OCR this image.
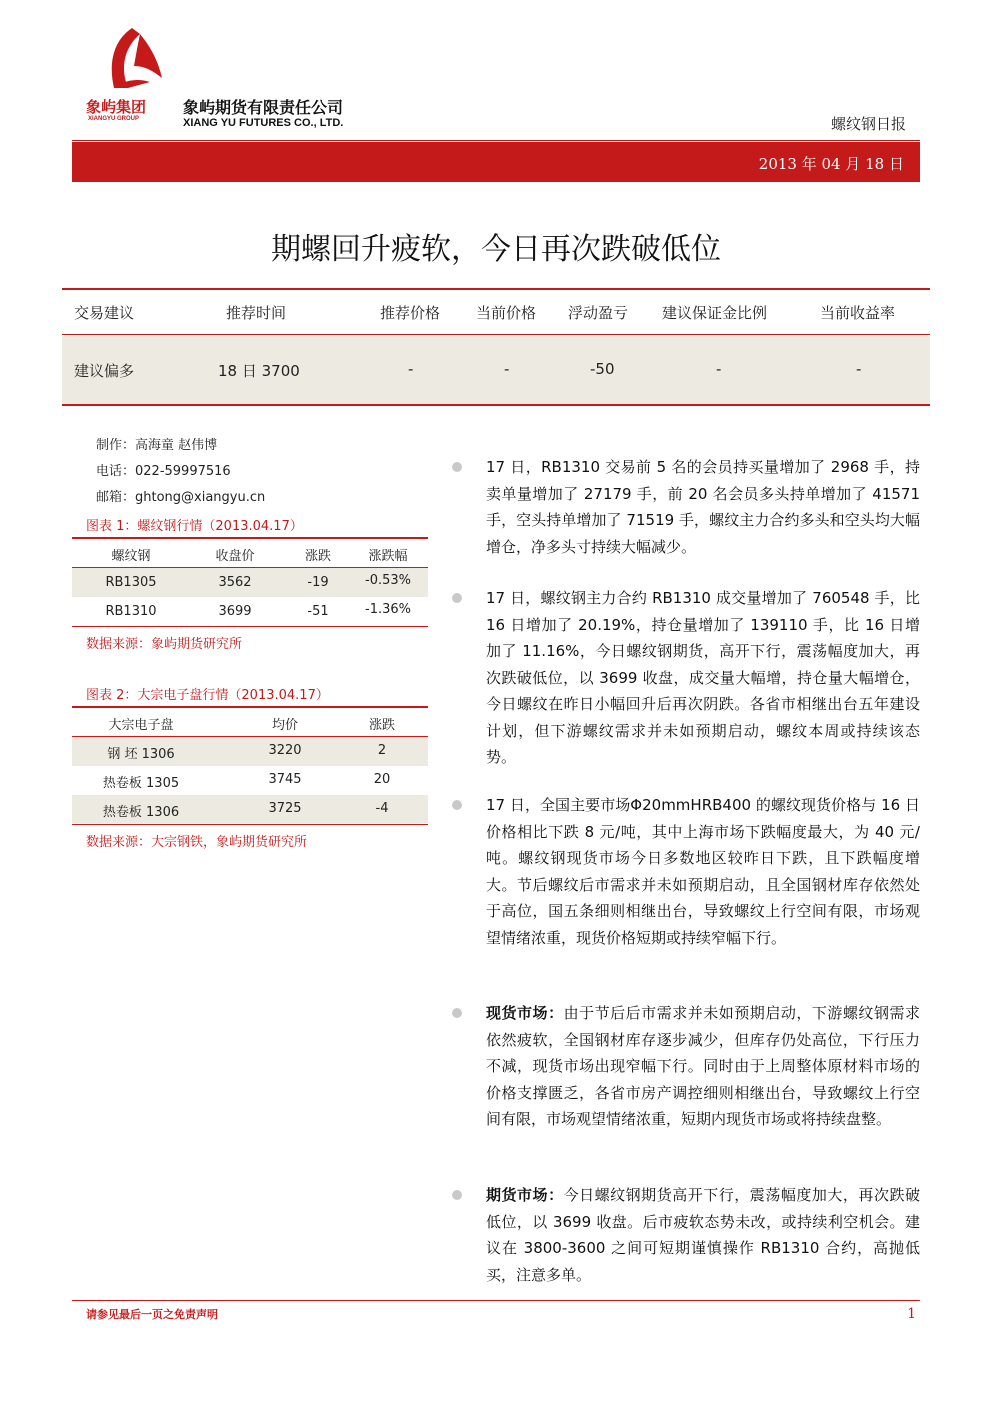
象屿集团
XIANGYU GROUP
象屿期货有限责任公司
XIANG YU FUTURES CO., LTD.	螺纹钢日报
2013 年 04 月 18 日
期螺回升疲软，今日再次跌破低位
交易建议	推荐时间	推荐价格 当前价格 浮动盈亏 建议保证金比例	当前收益率
建议偏多	18 日 3700	-	-	-50	-	-
制作：高海童 赵伟博
电话：022-59997516
邮箱：ghtong@xiangyu.cn
图表 1：螺纹钢行情（2013.04.17）
螺纹钢	收盘价	涨跌	涨跌幅
RB1305	3562	-19	-0.53%
RB1310	3699	-51	-1.36%
数据来源：象屿期货研究所
图表 2：大宗电子盘行情（2013.04.17）
大宗电子盘	均价	涨跌
钢 坯 1306	3220	2
热卷板 1305	3745	20
热卷板 1306	3725	-4
数据来源：大宗钢铁，象屿期货研究所
17 日，RB1310 交易前 5 名的会员持买量增加了 2968 手，持卖单量增加了 27179 手，前 20 名会员多头持单增加了 41571 手，空头持单增加了 71519 手，螺纹主力合约多头和空头均大幅增仓，净多头寸持续大幅减少。
17 日，螺纹钢主力合约 RB1310 成交量增加了 760548 手，比 16 日增加了 20.19%，持仓量增加了 139110 手，比 16 日增加了 11.16%，今日螺纹钢期货，高开下行，震荡幅度加大，再次跌破低位，以 3699 收盘，成交量大幅增，持仓量大幅增仓，今日螺纹在昨日小幅回升后再次阴跌。各省市相继出台五年建设计划，但下游螺纹需求并未如预期启动，螺纹本周或持续该态势。
17 日，全国主要市场Φ20mmHRB400 的螺纹现货价格与 16 日价格相比下跌 8 元/吨，其中上海市场下跌幅度最大，为 40 元/吨。螺纹钢现货市场今日多数地区较昨日下跌，且下跌幅度增大。节后螺纹后市需求并未如预期启动，且全国钢材库存依然处于高位，国五条细则相继出台，导致螺纹上行空间有限，市场观望情绪浓重，现货价格短期或持续窄幅下行。
现货市场：由于节后后市需求并未如预期启动，下游螺纹钢需求依然疲软，全国钢材库存逐步减少，但库存仍处高位，下行压力不减，现货市场出现窄幅下行。同时由于上周整体原材料市场的价格支撑匮乏，各省市房产调控细则相继出台，导致螺纹上行空间有限，市场观望情绪浓重，短期内现货市场或将持续盘整。
期货市场：今日螺纹钢期货高开下行，震荡幅度加大，再次跌破低位，以 3699 收盘。后市疲软态势未改，或持续利空机会。建议在 3800-3600 之间可短期谨慎操作 RB1310 合约，高抛低买，注意多单。
请参见最后一页之免责声明	1
